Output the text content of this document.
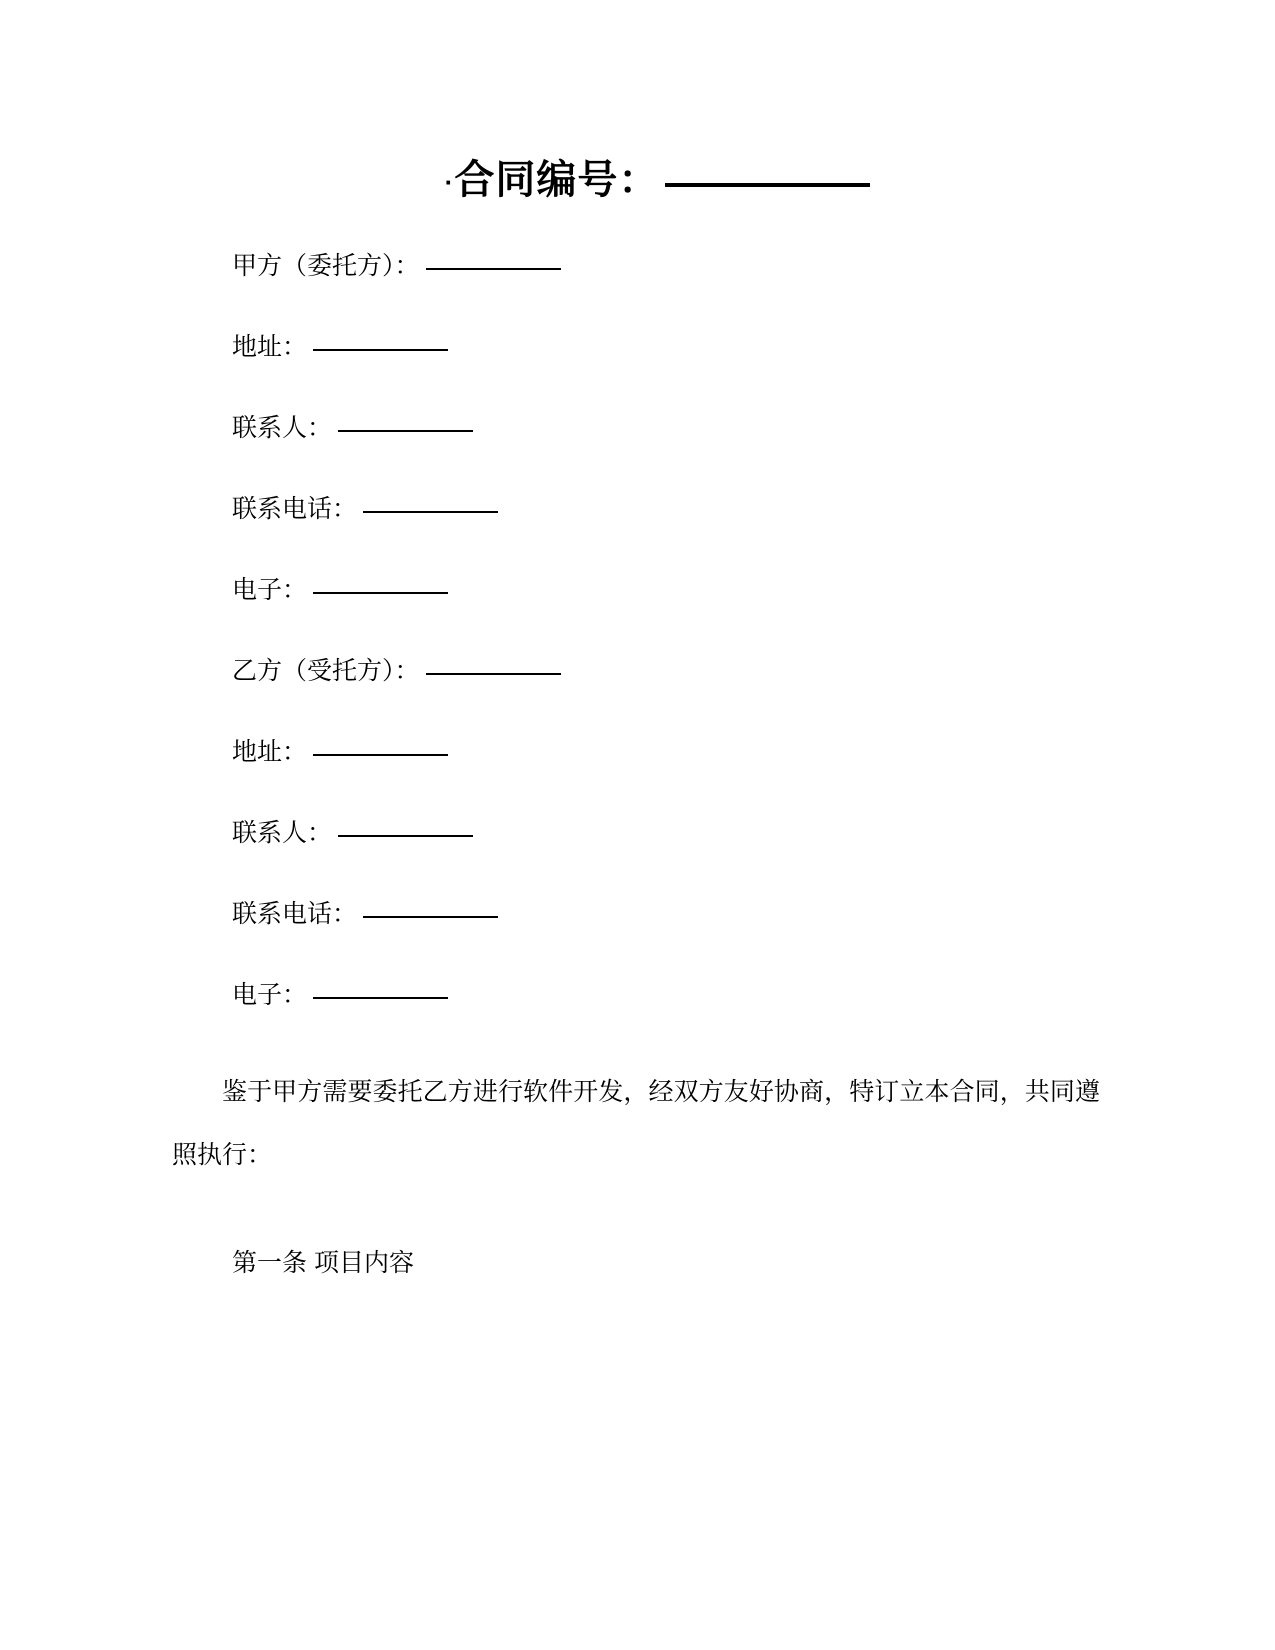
·合同编号：
甲方（委托方）：
地址：
联系人：
联系电话：
电子：
乙方（受托方）：
地址：
联系人：
联系电话：
电子：

鉴于甲方需要委托乙方进行软件开发，经双方友好协商，特订立本合同，共同遵照执行：

第一条 项目内容
